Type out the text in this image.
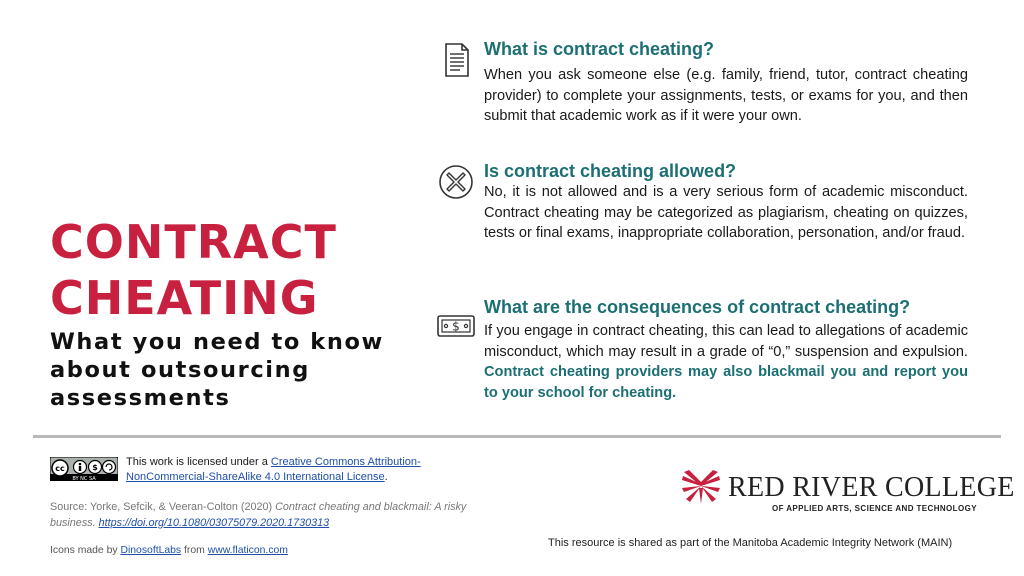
CONTRACT
CHEATING
What you need to know
about outsourcing
assessments
What is contract cheating?

When you ask someone else (e.g. family, friend, tutor, contract cheating provider) to complete your assignments, tests, or exams for you, and then submit that academic work as if it were your own.

Is contract cheating allowed?

No, it is not allowed and is a very serious form of academic misconduct. Contract cheating may be categorized as plagiarism, cheating on quizzes, tests or final exams, inappropriate collaboration, personation, and/or fraud.

$
What are the consequences of contract cheating?

If you engage in contract cheating, this can lead to allegations of academic misconduct, which may result in a grade of “0,” suspension and expulsion. Contract cheating providers may also blackmail you and report you to your school for cheating.

cc	$
BY NC SA
This work is licensed under a Creative Commons Attribution-NonCommercial-ShareAlike 4.0 International License.
Source: Yorke, Sefcik, & Veeran-Colton (2020) Contract cheating and blackmail: A risky business. https://doi.org/10.1080/03075079.2020.1730313
Icons made by DinosoftLabs from www.flaticon.com
RED RIVER COLLEGE
OF APPLIED ARTS, SCIENCE AND TECHNOLOGY
This resource is shared as part of the Manitoba Academic Integrity Network (MAIN)
